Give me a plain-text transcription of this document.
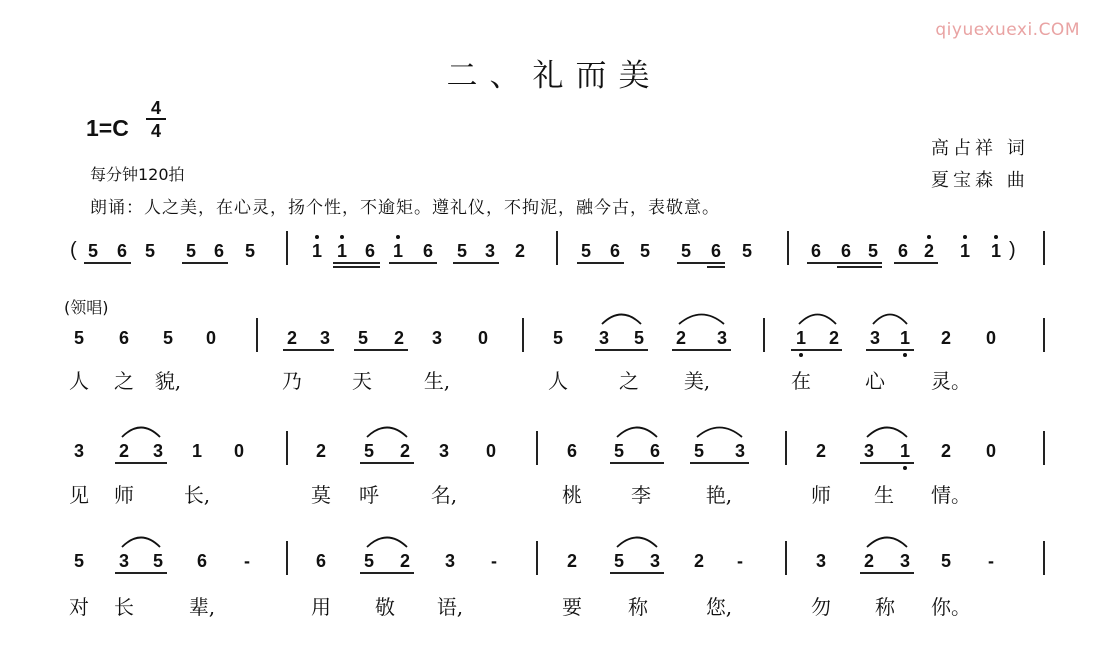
qiyuexuexi.COM
二、礼而美
1=C
4
4
每分钟120拍
朗诵：人之美，在心灵，扬个性，不逾矩。遵礼仪，不拘泥，融今古，表敬意。
高占祥 词
夏宝森 曲
(领唱)
(	)
5 6 5 5 6 5	1 1 6 1 6 5 3 2	5 6 5 5 6 5	6 6 5 6 2 1 1
5 6 5 0	2 3 5 2 3 0	5 3 5 2 3	1 2 3 1 2 0
人 之 貌,	乃	天	生,	人	之 美,	在	心 灵。
3 2 3 1 0	2 5 2 3 0	6 5 6 5 3	2 3 1 2 0
见 师 长,	莫 呼	名,	桃 李	艳,	师 生 情。
5 3 5 6 -	6 5 2 3 -	2 5 3 2 -	3 2 3 5 -
对 长	辈,	用 敬 语,	要 称	您,	勿 称 你。
